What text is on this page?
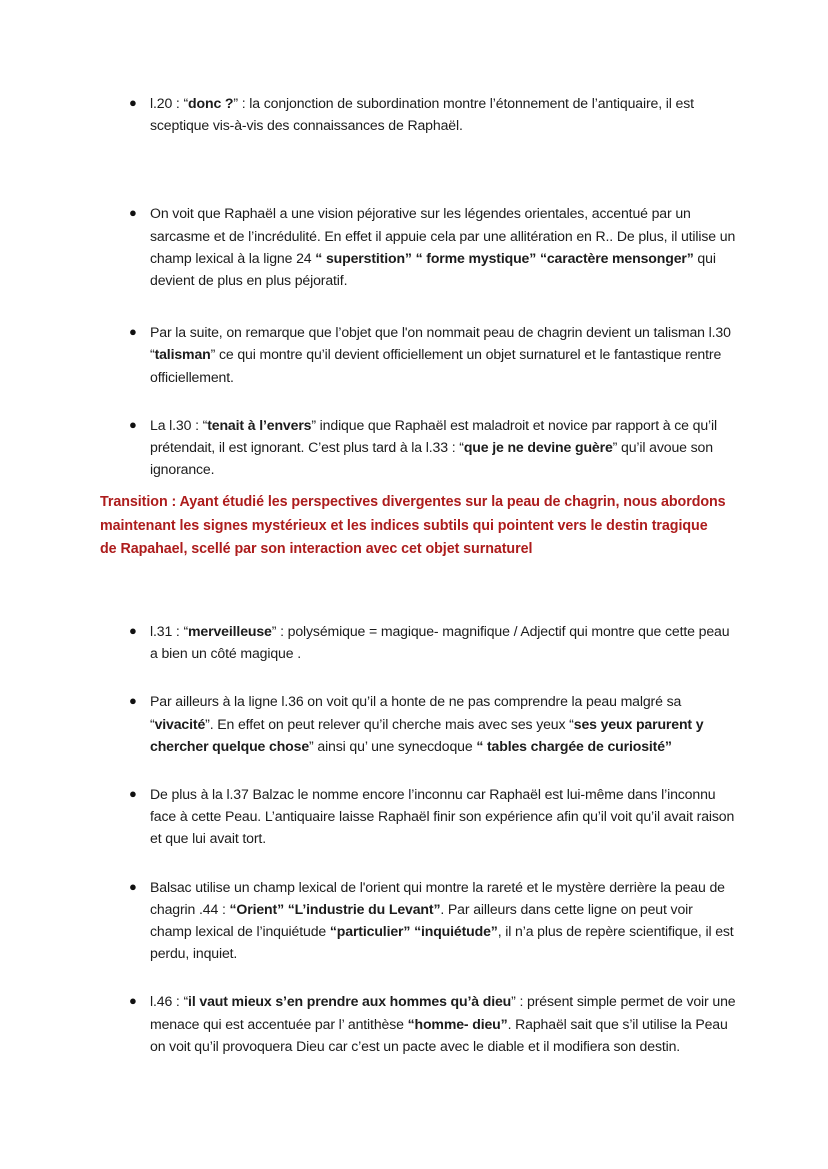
● l.20 : “donc ?” : la conjonction de subordination montre l’étonnement de l’antiquaire, il est sceptique vis-à-vis des connaissances de Raphaël.
● On voit que Raphaël a une vision péjorative sur les légendes orientales, accentué par un sarcasme et de l’incrédulité. En effet il appuie cela par une allitération en R.. De plus, il utilise un champ lexical à la ligne 24 “ superstition” “ forme mystique” “caractère mensonger” qui devient de plus en plus péjoratif.
● Par la suite, on remarque que l’objet que l'on nommait peau de chagrin devient un talisman l.30 “talisman” ce qui montre qu’il devient officiellement un objet surnaturel et le fantastique rentre officiellement.
● La l.30 : “tenait à l’envers” indique que Raphaël est maladroit et novice par rapport à ce qu’il prétendait, il est ignorant. C’est plus tard à la l.33 : “que je ne devine guère” qu’il avoue son ignorance.
Transition : Ayant étudié les perspectives divergentes sur la peau de chagrin, nous abordons maintenant les signes mystérieux et les indices subtils qui pointent vers le destin tragique de Rapahael, scellé par son interaction avec cet objet surnaturel
● l.31 : “merveilleuse” : polysémique = magique- magnifique / Adjectif qui montre que cette peau a bien un côté magique .
● Par ailleurs à la ligne l.36 on voit qu’il a honte de ne pas comprendre la peau malgré sa “vivacité”. En effet on peut relever qu’il cherche mais avec ses yeux “ses yeux parurent y chercher quelque chose” ainsi qu’ une synecdoque “ tables chargée de curiosité”
● De plus à la l.37 Balzac le nomme encore l’inconnu car Raphaël est lui-même dans l’inconnu face à cette Peau. L’antiquaire laisse Raphaël finir son expérience afin qu’il voit qu’il avait raison et que lui avait tort.
● Balsac utilise un champ lexical de l'orient qui montre la rareté et le mystère derrière la peau de chagrin .44 : “Orient” “L’industrie du Levant”. Par ailleurs dans cette ligne on peut voir champ lexical de l’inquiétude “particulier” “inquiétude”, il n’a plus de repère scientifique, il est perdu, inquiet.
● l.46 : “il vaut mieux s’en prendre aux hommes qu’à dieu” : présent simple permet de voir une menace qui est accentuée par l’ antithèse “homme- dieu”. Raphaël sait que s’il utilise la Peau on voit qu’il provoquera Dieu car c’est un pacte avec le diable et il modifiera son destin.
